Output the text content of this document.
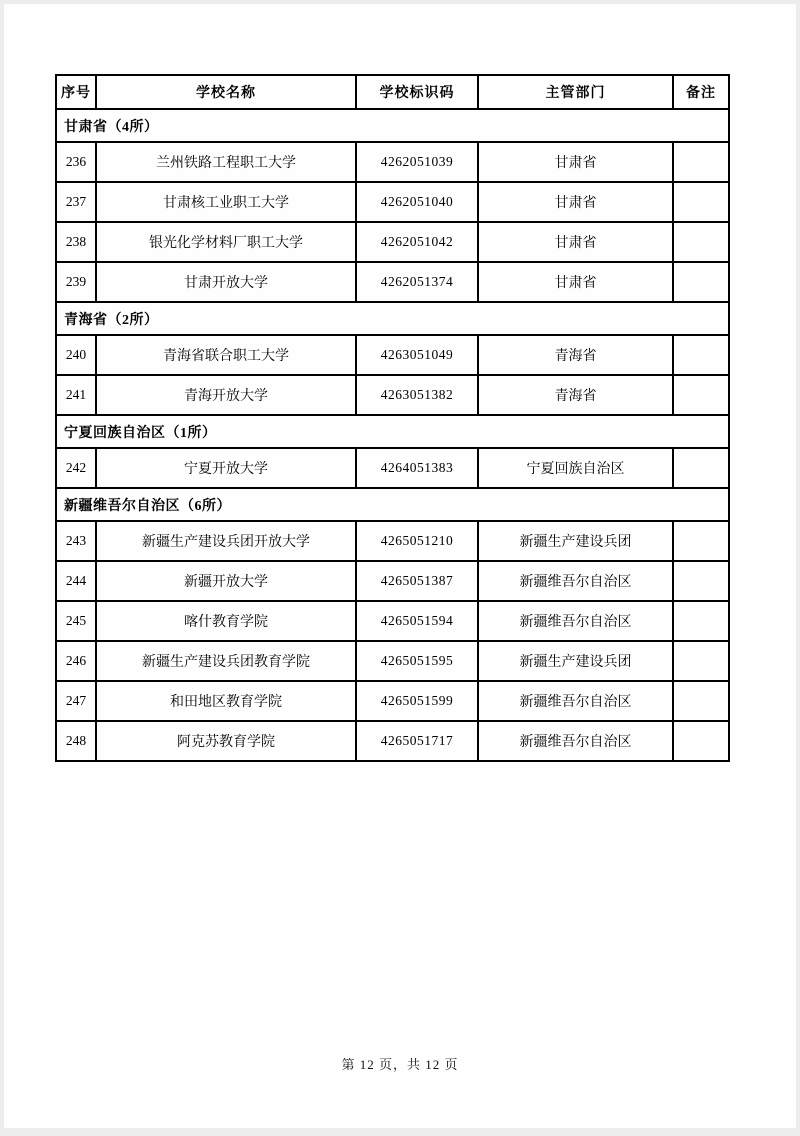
序号	学校名称	学校标识码	主管部门	备注
甘肃省（4所）				
236	兰州铁路工程职工大学	4262051039	甘肃省	
237	甘肃核工业职工大学	4262051040	甘肃省	
238	银光化学材料厂职工大学	4262051042	甘肃省	
239	甘肃开放大学	4262051374	甘肃省	
青海省（2所）				
240	青海省联合职工大学	4263051049	青海省	
241	青海开放大学	4263051382	青海省	
宁夏回族自治区（1所）				
242	宁夏开放大学	4264051383	宁夏回族自治区	
新疆维吾尔自治区（6所）				
243	新疆生产建设兵团开放大学	4265051210	新疆生产建设兵团	
244	新疆开放大学	4265051387	新疆维吾尔自治区	
245	喀什教育学院	4265051594	新疆维吾尔自治区	
246	新疆生产建设兵团教育学院	4265051595	新疆生产建设兵团	
247	和田地区教育学院	4265051599	新疆维吾尔自治区	
248	阿克苏教育学院	4265051717	新疆维吾尔自治区	
第 12 页，共 12 页
